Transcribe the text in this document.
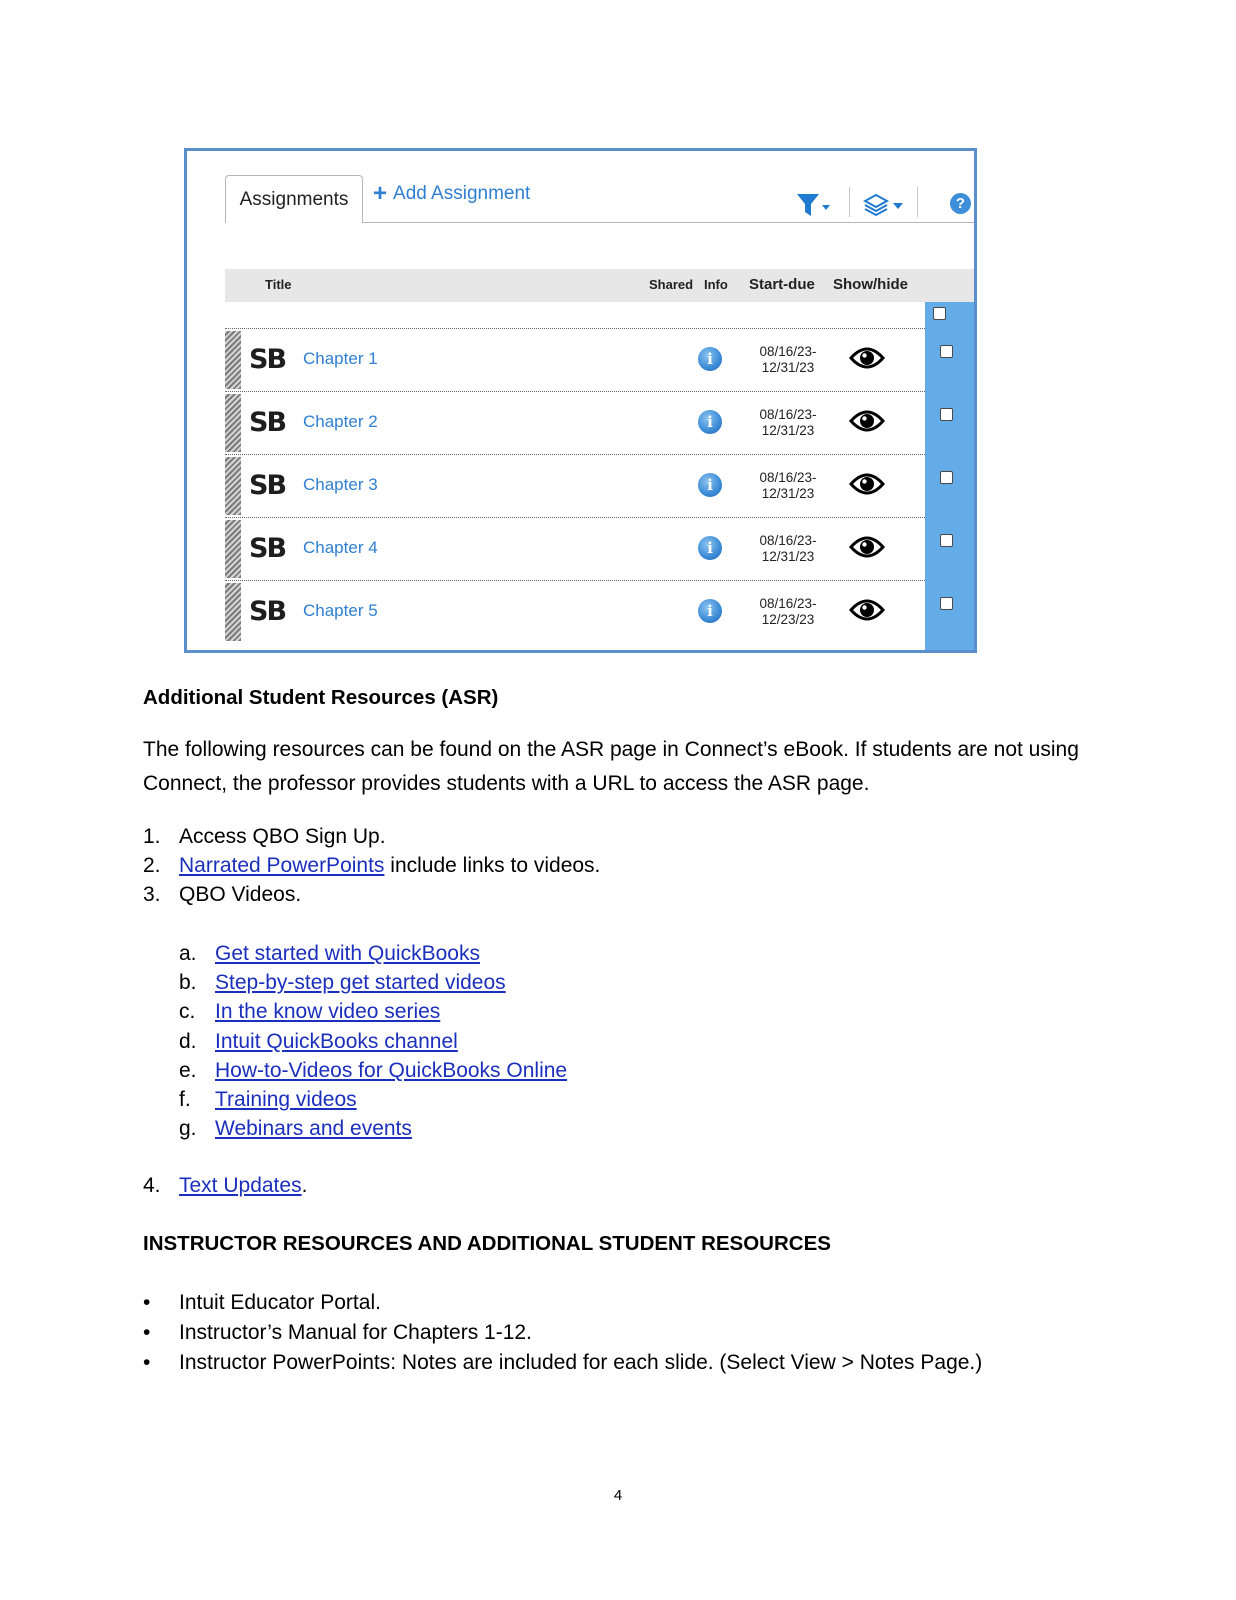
Assignments	+ Add Assignment	?
Title	Shared Info Start-due Show/hide
SB Chapter 1	i	08/16/23-
12/31/23
SB Chapter 2	i	08/16/23-
12/31/23
SB Chapter 3	i	08/16/23-
12/31/23
SB Chapter 4	i	08/16/23-
12/31/23
SB Chapter 5	i	08/16/23-
12/23/23
Additional Student Resources (ASR)
The following resources can be found on the ASR page in Connect’s eBook. If students are not using Connect, the professor provides students with a URL to access the ASR page.
1. Access QBO Sign Up.
2. Narrated PowerPoints include links to videos.
3. QBO Videos.
a. Get started with QuickBooks
b. Step-by-step get started videos
c. In the know video series
d. Intuit QuickBooks channel
e. How-to-Videos for QuickBooks Online
f. Training videos
g. Webinars and events
4. Text Updates.
INSTRUCTOR RESOURCES AND ADDITIONAL STUDENT RESOURCES
• Intuit Educator Portal.
• Instructor’s Manual for Chapters 1-12.
• Instructor PowerPoints: Notes are included for each slide. (Select View > Notes Page.)
4
